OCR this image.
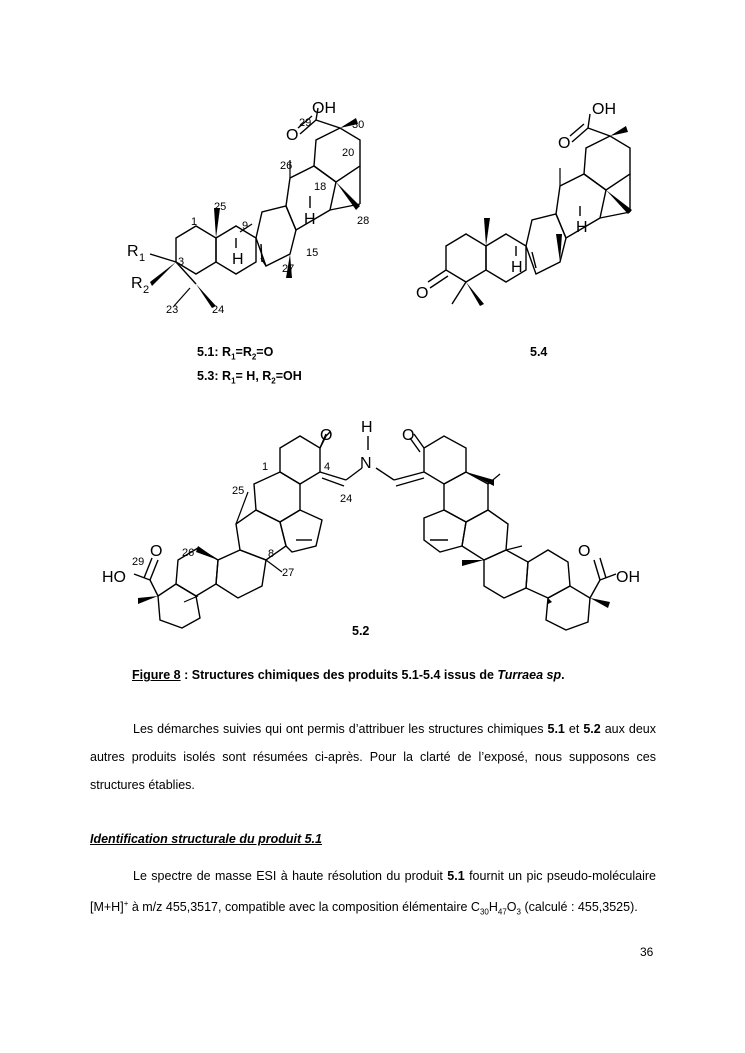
R 1
R 2
OH
O
H
H
1
3
9
15
18
20
23	24
25
26
27
28
29	30
OH
O
O
H
H
H
N
O	O
HO
O	O
OH
1	4
24
25
26	8
27
29
5.1: $R_1=R_2=O$
5.3: $R_1= H$, $R_2=OH$
5.4
5.2
Figure 8 : Structures chimiques des produits 5.1-5.4 issus de Turraea sp.
Les démarches suivies qui ont permis d’attribuer les structures chimiques 5.1 et 5.2 aux deux autres produits isolés sont résumées ci-après. Pour la clarté de l’exposé, nous supposons ces structures établies.
Identification structurale du produit 5.1
Le spectre de masse ESI à haute résolution du produit 5.1 fournit un pic pseudo-moléculaire [M+H]+ à m/z 455,3517, compatible avec la composition élémentaire $C_{30}H_{47}O_3$ (calculé : 455,3525).
36
